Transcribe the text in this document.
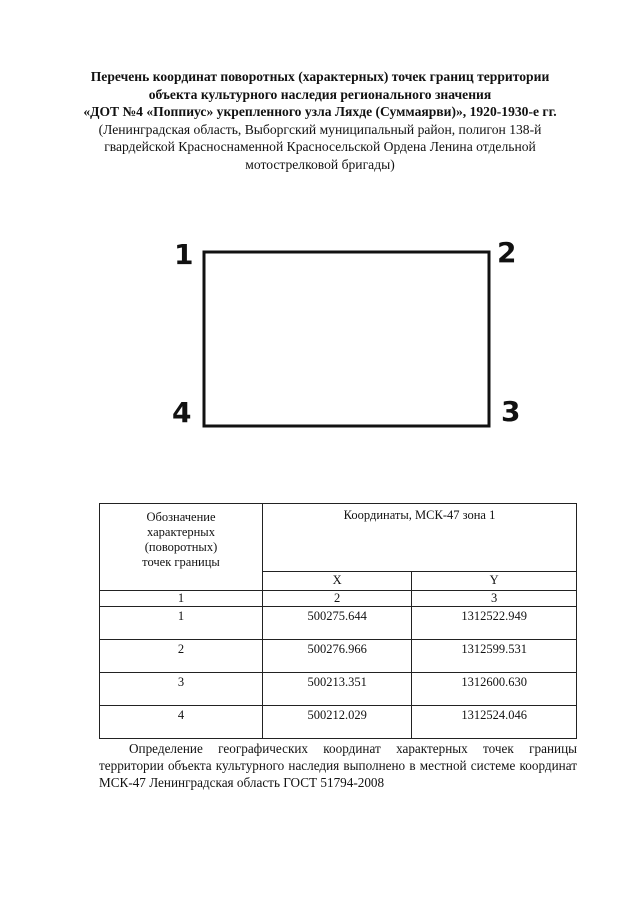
Перечень координат поворотных (характерных) точек границ территории
объекта культурного наследия регионального значения
«ДОТ №4 «Поппиус» укрепленного узла Ляхде (Суммаярви)», 1920-1930-е гг.
(Ленинградская область, Выборгский муниципальный район, полигон 138-й
гвардейской Красноснаменной Красносельской Ордена Ленина отдельной
мотострелковой бригады)
1	2
3
4
Обозначение
характерных
(поворотных)
точек границы	Координаты, МСК-47 зона 1	
	X	Y
1	2	3
1	500275.644	1312522.949
2	500276.966	1312599.531
3	500213.351	1312600.630
4	500212.029	1312524.046
Определение географических координат характерных точек границы территории объекта культурного наследия выполнено в местной системе координат МСК-47 Ленинградская область ГОСТ 51794-2008
